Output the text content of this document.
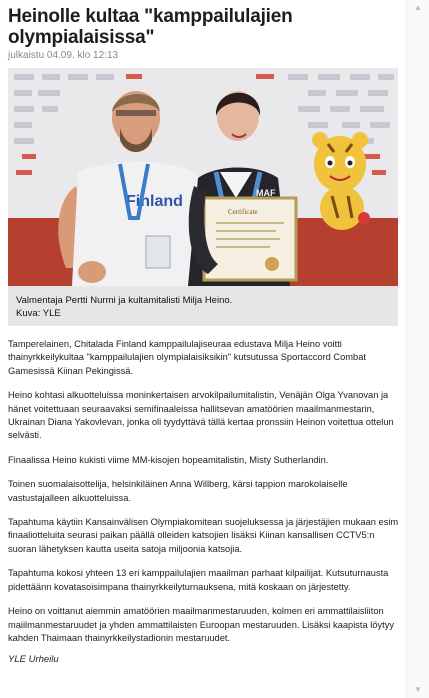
Heinolle kultaa "kamppailulajien olympialaisissa"
julkaistu 04.09. klo 12:13
Finland	MAF
Certificate
Valmentaja Pertti Nurmi ja kultamitalisti Milja Heino.
Kuva: YLE

Tamperelainen, Chitalada Finland kamppailulajiseuraa edustava Milja Heino voitti thainyrkkeilykultaa "kamppailulajien olympialaisiksikin" kutsutussa Sportaccord Combat Gamesissä Kiinan Pekingissä.

Heino kohtasi alkuotteluissa moninkertaisen arvokilpailumitalistin, Venäjän Olga Yvanovan ja hänet voitettuaan seuraavaksi semifinaaleissa hallitsevan amatöörien maailmanmestarin, Ukrainan Diana Yakovlevan, jonka oli tyydyttävä tällä kertaa pronssiin Heinon voitettua ottelun selvästi.

Finaalissa Heino kukisti viime MM-kisojen hopeamitalistin, Misty Sutherlandin.

Toinen suomalaisottelija, helsinkiläinen Anna Willberg, kärsi tappion marokolaiselle vastustajalleen alkuotteluissa.

Tapahtuma käytiin Kansainvälisen Olympiakomitean suojeluksessa ja järjestäjien mukaan esim finaaliotteluita seurasi paikan päällä olleiden katsojien lisäksi Kiinan kansallisen CCTV5:n suoran lähetyksen kautta useita satoja miljoonia katsojia.

Tapahtuma kokosi yhteen 13 eri kamppailulajien maailman parhaat kilpailijat. Kutsuturnausta pidettäänn kovatasoisimpana thainyrkkeilyturnauksena, mitä koskaan on järjestetty.

Heino on voittanut aiemmin amatöörien maailmanmestaruuden, kolmen eri ammattilaisliiton maiilmanmestaruudet ja yhden ammattilaisten Euroopan mestaruuden. Lisäksi kaapista löytyy kahden Thaimaan thainyrkkeilystadionin mestaruudet.

YLE Urheilu
▲
▼
